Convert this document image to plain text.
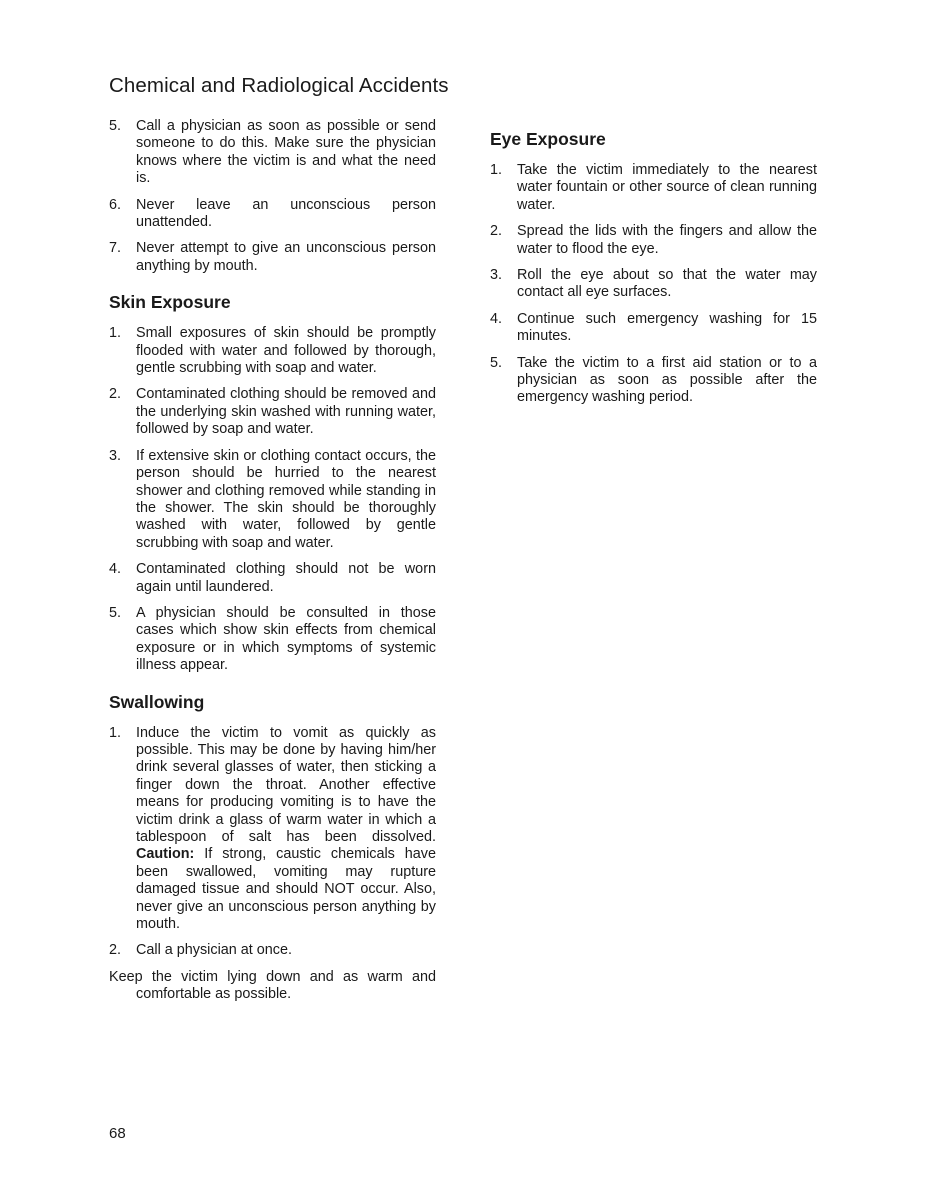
Chemical and Radiological Accidents
5. Call a physician as soon as possible or send someone to do this. Make sure the physician knows where the victim is and what the need is.
6. Never leave an unconscious person unattended.
7. Never attempt to give an unconscious person anything by mouth.
Skin Exposure
1. Small exposures of skin should be promptly flooded with water and followed by thorough, gentle scrubbing with soap and water.
2. Contaminated clothing should be removed and the underlying skin washed with running water, followed by soap and water.
3. If extensive skin or clothing contact occurs, the person should be hurried to the nearest shower and clothing removed while standing in the shower. The skin should be thoroughly washed with water, followed by gentle scrubbing with soap and water.
4. Contaminated clothing should not be worn again until laundered.
5. A physician should be consulted in those cases which show skin effects from chemical exposure or in which symptoms of systemic illness appear.
Swallowing
1. Induce the victim to vomit as quickly as possible. This may be done by having him/her drink several glasses of water, then sticking a finger down the throat. Another effective means for producing vomiting is to have the victim drink a glass of warm water in which a tablespoon of salt has been dissolved. Caution: If strong, caustic chemicals have been swallowed, vomiting may rupture damaged tissue and should NOT occur. Also, never give an unconscious person anything by mouth.
2. Call a physician at once.

Keep the victim lying down and as warm and comfortable as possible.

Eye Exposure
1. Take the victim immediately to the nearest water fountain or other source of clean running water.
2. Spread the lids with the fingers and allow the water to flood the eye.
3. Roll the eye about so that the water may contact all eye surfaces.
4. Continue such emergency washing for 15 minutes.
5. Take the victim to a first aid station or to a physician as soon as possible after the emergency washing period.
68
